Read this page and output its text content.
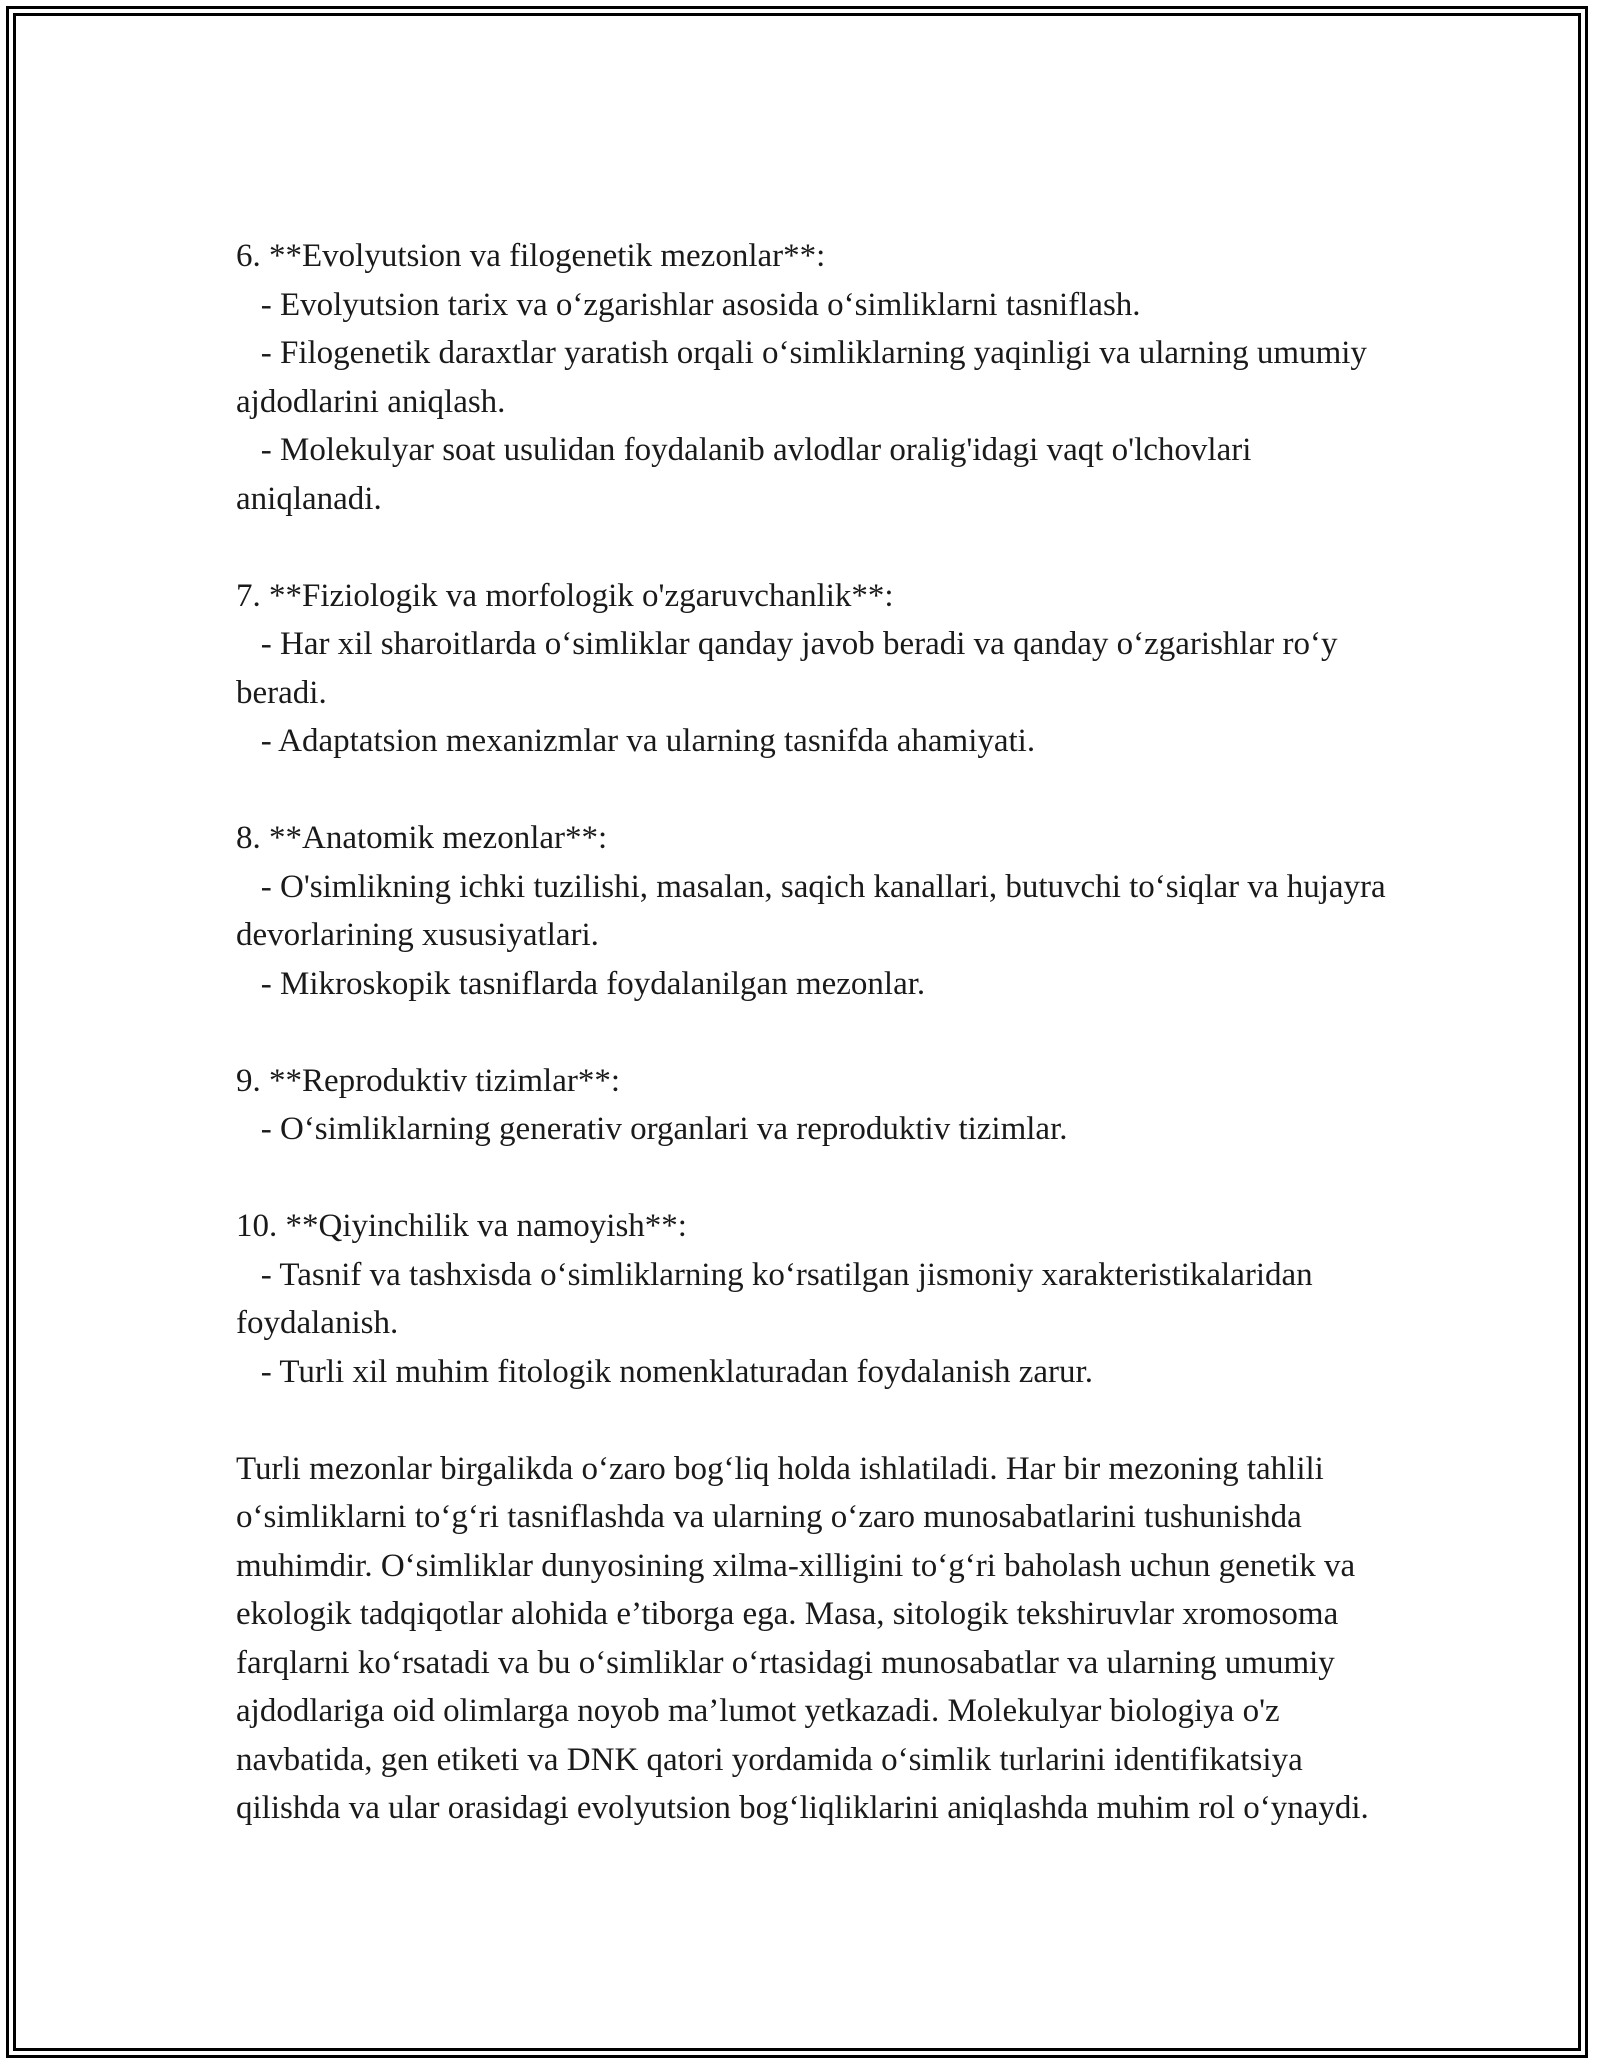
6. **Evolyutsion va filogenetik mezonlar**:
- Evolyutsion tarix va o‘zgarishlar asosida o‘simliklarni tasniflash.
- Filogenetik daraxtlar yaratish orqali o‘simliklarning yaqinligi va ularning umumiy ajdodlarini aniqlash.
- Molekulyar soat usulidan foydalanib avlodlar oralig'idagi vaqt o'lchovlari aniqlanadi.
7. **Fiziologik va morfologik o'zgaruvchanlik**:
- Har xil sharoitlarda o‘simliklar qanday javob beradi va qanday o‘zgarishlar ro‘y beradi.
- Adaptatsion mexanizmlar va ularning tasnifda ahamiyati.
8. **Anatomik mezonlar**:
- O'simlikning ichki tuzilishi, masalan, saqich kanallari, butuvchi to‘siqlar va hujayra devorlarining xususiyatlari.
- Mikroskopik tasniflarda foydalanilgan mezonlar.
9. **Reproduktiv tizimlar**:
- O‘simliklarning generativ organlari va reproduktiv tizimlar.
10. **Qiyinchilik va namoyish**:
- Tasnif va tashxisda o‘simliklarning ko‘rsatilgan jismoniy xarakteristikalaridan foydalanish.
- Turli xil muhim fitologik nomenklaturadan foydalanish zarur.

Turli mezonlar birgalikda o‘zaro bog‘liq holda ishlatiladi. Har bir mezoning tahlili o‘simliklarni to‘g‘ri tasniflashda va ularning o‘zaro munosabatlarini tushunishda muhimdir. O‘simliklar dunyosining xilma-xilligini to‘g‘ri baholash uchun genetik va ekologik tadqiqotlar alohida e’tiborga ega. Masa, sitologik tekshiruvlar xromosoma farqlarni ko‘rsatadi va bu o‘simliklar o‘rtasidagi munosabatlar va ularning umumiy ajdodlariga oid olimlarga noyob ma’lumot yetkazadi. Molekulyar biologiya o'z navbatida, gen etiketi va DNK qatori yordamida o‘simlik turlarini identifikatsiya qilishda va ular orasidagi evolyutsion bog‘liqliklarini aniqlashda muhim rol o‘ynaydi.
